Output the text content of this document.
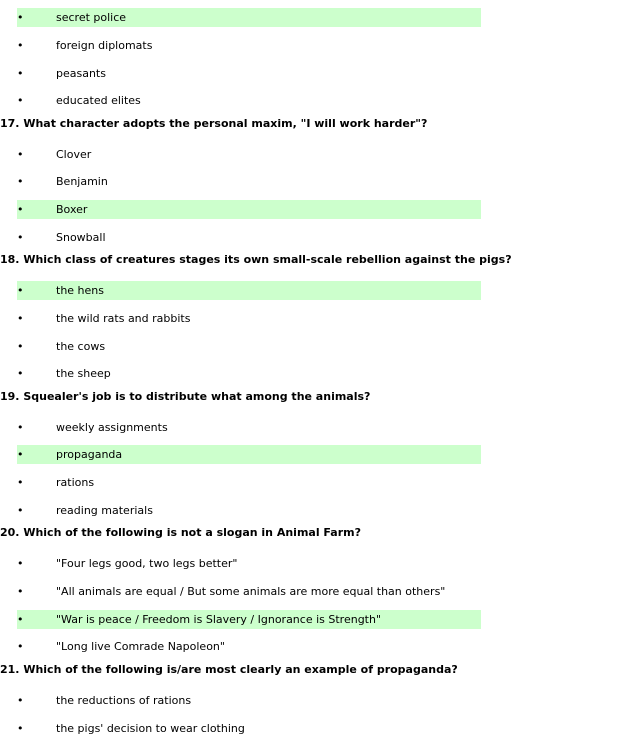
•	secret police
•	foreign diplomats
•	peasants
•	educated elites
17. What character adopts the personal maxim, "I will work harder"?
•	Clover
•	Benjamin
•	Boxer
•	Snowball
18. Which class of creatures stages its own small-scale rebellion against the pigs?
•	the hens
•	the wild rats and rabbits
•	the cows
•	the sheep
19. Squealer's job is to distribute what among the animals?
•	weekly assignments
•	propaganda
•	rations
•	reading materials
20. Which of the following is not a slogan in Animal Farm?
•	"Four legs good, two legs better"
•	"All animals are equal / But some animals are more equal than others"
•	"War is peace / Freedom is Slavery / Ignorance is Strength"
•	"Long live Comrade Napoleon"
21. Which of the following is/are most clearly an example of propaganda?
•	the reductions of rations
•	the pigs' decision to wear clothing
